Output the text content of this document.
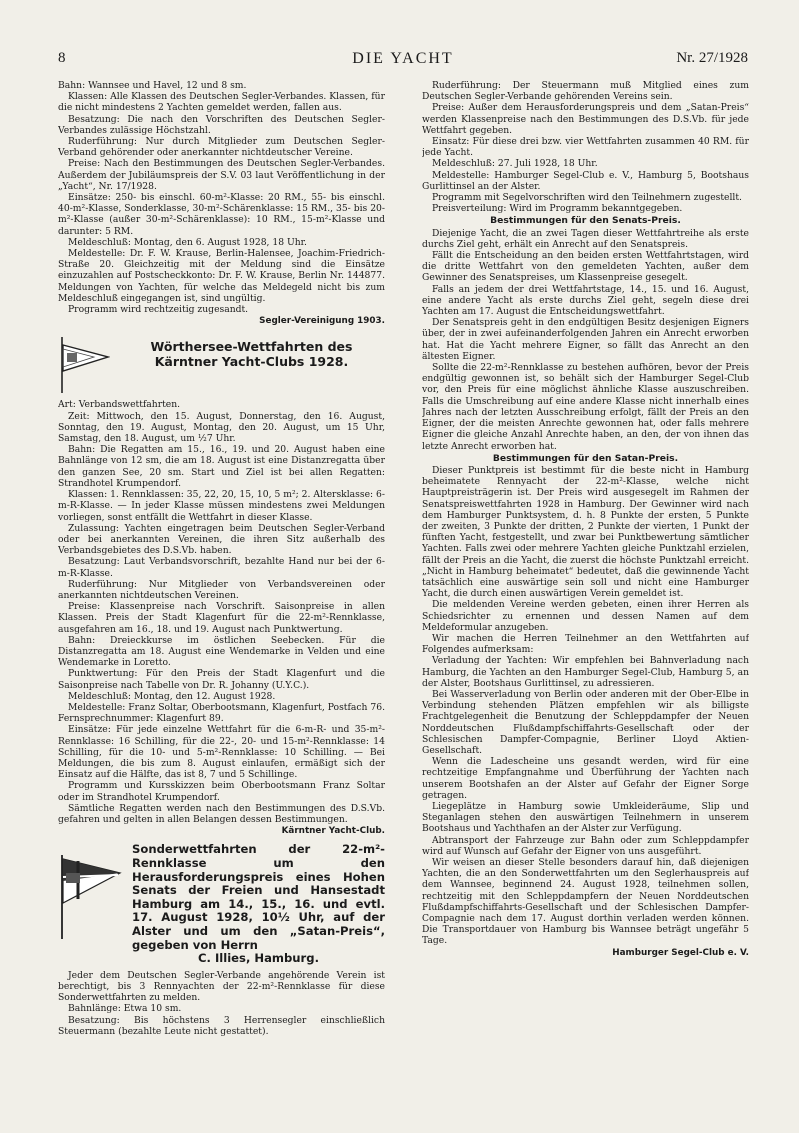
8	DIE YACHT	Nr. 27/1928

Bahn: Wannsee und Havel, 12 und 8 sm.

Klassen: Alle Klassen des Deutschen Segler-Verbandes. Klassen, für die nicht mindestens 2 Yachten gemeldet werden, fallen aus.

Besatzung: Die nach den Vorschriften des Deutschen Segler-Verbandes zulässige Höchstzahl.

Ruderführung: Nur durch Mitglieder zum Deutschen Segler-Verband gehörender oder anerkannter nichtdeutscher Vereine.

Preise: Nach den Bestimmungen des Deutschen Segler-Verbandes. Außerdem der Jubiläumspreis der S.V. 03 laut Veröffentlichung in der „Yacht“, Nr. 17/1928.

Einsätze: 250- bis einschl. 60-m²-Klasse: 20 RM., 55- bis einschl. 40-m²-Klasse, Sonderklasse, 30-m²-Schärenklasse: 15 RM., 35- bis 20-m²-Klasse (außer 30-m²-Schärenklasse): 10 RM., 15-m²-Klasse und darunter: 5 RM.

Meldeschluß: Montag, den 6. August 1928, 18 Uhr.

Meldestelle: Dr. F. W. Krause, Berlin-Halensee, Joachim-Friedrich-Straße 20. Gleichzeitig mit der Meldung sind die Einsätze einzuzahlen auf Postscheckkonto: Dr. F. W. Krause, Berlin Nr. 144877. Meldungen von Yachten, für welche das Meldegeld nicht bis zum Meldeschluß eingegangen ist, sind ungültig.

Programm wird rechtzeitig zugesandt.

Segler-Vereinigung 1903.
Wörthersee-Wettfahrten des Kärntner Yacht-Clubs 1928.

Art: Verbandswettfahrten.

Zeit: Mittwoch, den 15. August, Donnerstag, den 16. August, Sonntag, den 19. August, Montag, den 20. August, um 15 Uhr, Samstag, den 18. August, um ½7 Uhr.

Bahn: Die Regatten am 15., 16., 19. und 20. August haben eine Bahnlänge von 12 sm, die am 18. August ist eine Distanzregatta über den ganzen See, 20 sm. Start und Ziel ist bei allen Regatten: Strandhotel Krumpendorf.

Klassen: 1. Rennklassen: 35, 22, 20, 15, 10, 5 m²; 2. Altersklasse: 6-m-R-Klasse. — In jeder Klasse müssen mindestens zwei Meldungen vorliegen, sonst entfällt die Wettfahrt in dieser Klasse.

Zulassung: Yachten eingetragen beim Deutschen Segler-Verband oder bei anerkannten Vereinen, die ihren Sitz außerhalb des Verbandsgebietes des D.S.Vb. haben.

Besatzung: Laut Verbandsvorschrift, bezahlte Hand nur bei der 6-m-R-Klasse.

Ruderführung: Nur Mitglieder von Verbandsvereinen oder anerkannten nichtdeutschen Vereinen.

Preise: Klassenpreise nach Vorschrift. Saisonpreise in allen Klassen. Preis der Stadt Klagenfurt für die 22-m²-Rennklasse, ausgefahren am 16., 18. und 19. August nach Punktwertung.

Bahn: Dreieckkurse im östlichen Seebecken. Für die Distanzregatta am 18. August eine Wendemarke in Velden und eine Wendemarke in Loretto.

Punktwertung: Für den Preis der Stadt Klagenfurt und die Saisonpreise nach Tabelle von Dr. R. Johanny (U.Y.C.).

Meldeschluß: Montag, den 12. August 1928.

Meldestelle: Franz Soltar, Oberbootsmann, Klagenfurt, Postfach 76. Fernsprechnummer: Klagenfurt 89.

Einsätze: Für jede einzelne Wettfahrt für die 6-m-R- und 35-m²-Rennklasse: 16 Schilling, für die 22-, 20- und 15-m²-Rennklasse: 14 Schilling, für die 10- und 5-m²-Rennklasse: 10 Schilling. — Bei Meldungen, die bis zum 8. August einlaufen, ermäßigt sich der Einsatz auf die Hälfte, das ist 8, 7 und 5 Schillinge.

Programm und Kursskizzen beim Oberbootsmann Franz Soltar oder im Strandhotel Krumpendorf.

Sämtliche Regatten werden nach den Bestimmungen des D.S.Vb. gefahren und gelten in allen Belangen dessen Bestimmungen.

Kärntner Yacht-Club.
Sonderwettfahrten der 22-m²-Rennklasse um den Herausforderungspreis eines Hohen Senats der Freien und Hansestadt Hamburg am 14., 15., 16. und evtl. 17. August 1928, 10½ Uhr, auf der Alster und um den „Satan-Preis“, gegeben von Herrn
C. Illies, Hamburg.

Jeder dem Deutschen Segler-Verbande angehörende Verein ist berechtigt, bis 3 Rennyachten der 22-m²-Rennklasse für diese Sonderwettfahrten zu melden.

Bahnlänge: Etwa 10 sm.

Besatzung: Bis höchstens 3 Herrensegler einschließlich Steuermann (bezahlte Leute nicht gestattet).

Ruderführung: Der Steuermann muß Mitglied eines zum Deutschen Segler-Verbande gehörenden Vereins sein.

Preise: Außer dem Herausforderungspreis und dem „Satan-Preis“ werden Klassenpreise nach den Bestimmungen des D.S.Vb. für jede Wettfahrt gegeben.

Einsatz: Für diese drei bzw. vier Wettfahrten zusammen 40 RM. für jede Yacht.

Meldeschluß: 27. Juli 1928, 18 Uhr.

Meldestelle: Hamburger Segel-Club e. V., Hamburg 5, Bootshaus Gurlittinsel an der Alster.

Programm mit Segelvorschriften wird den Teilnehmern zugestellt.

Preisverteilung: Wird im Programm bekanntgegeben.

Bestimmungen für den Senats-Preis.

Diejenige Yacht, die an zwei Tagen dieser Wettfahrtreihe als erste durchs Ziel geht, erhält ein Anrecht auf den Senatspreis.

Fällt die Entscheidung an den beiden ersten Wettfahrtstagen, wird die dritte Wettfahrt von den gemeldeten Yachten, außer dem Gewinner des Senatspreises, um Klassenpreise gesegelt.

Falls an jedem der drei Wettfahrtstage, 14., 15. und 16. August, eine andere Yacht als erste durchs Ziel geht, segeln diese drei Yachten am 17. August die Entscheidungswettfahrt.

Der Senatspreis geht in den endgültigen Besitz desjenigen Eigners über, der in zwei aufeinanderfolgenden Jahren ein Anrecht erworben hat. Hat die Yacht mehrere Eigner, so fällt das Anrecht an den ältesten Eigner.

Sollte die 22-m²-Rennklasse zu bestehen aufhören, bevor der Preis endgültig gewonnen ist, so behält sich der Hamburger Segel-Club vor, den Preis für eine möglichst ähnliche Klasse auszuschreiben. Falls die Umschreibung auf eine andere Klasse nicht innerhalb eines Jahres nach der letzten Ausschreibung erfolgt, fällt der Preis an den Eigner, der die meisten Anrechte gewonnen hat, oder falls mehrere Eigner die gleiche Anzahl Anrechte haben, an den, der von ihnen das letzte Anrecht erworben hat.

Bestimmungen für den Satan-Preis.

Dieser Punktpreis ist bestimmt für die beste nicht in Hamburg beheimatete Rennyacht der 22-m²-Klasse, welche nicht Hauptpreisträgerin ist. Der Preis wird ausgesegelt im Rahmen der Senatspreiswettfahrten 1928 in Hamburg. Der Gewinner wird nach dem Hamburger Punktsystem, d. h. 8 Punkte der ersten, 5 Punkte der zweiten, 3 Punkte der dritten, 2 Punkte der vierten, 1 Punkt der fünften Yacht, festgestellt, und zwar bei Punktbewertung sämtlicher Yachten. Falls zwei oder mehrere Yachten gleiche Punktzahl erzielen, fällt der Preis an die Yacht, die zuerst die höchste Punktzahl erreicht. „Nicht in Hamburg beheimatet“ bedeutet, daß die gewinnende Yacht tatsächlich eine auswärtige sein soll und nicht eine Hamburger Yacht, die durch einen auswärtigen Verein gemeldet ist.

Die meldenden Vereine werden gebeten, einen ihrer Herren als Schiedsrichter zu ernennen und dessen Namen auf dem Meldeformular anzugeben.

Wir machen die Herren Teilnehmer an den Wettfahrten auf Folgendes aufmerksam:

Verladung der Yachten: Wir empfehlen bei Bahnverladung nach Hamburg, die Yachten an den Hamburger Segel-Club, Hamburg 5, an der Alster, Bootshaus Gurlittinsel, zu adressieren.

Bei Wasserverladung von Berlin oder anderen mit der Ober-Elbe in Verbindung stehenden Plätzen empfehlen wir als billigste Frachtgelegenheit die Benutzung der Schleppdampfer der Neuen Norddeutschen Flußdampfschiffahrts-Gesellschaft oder der Schlesischen Dampfer-Compagnie, Berliner Lloyd Aktien-Gesellschaft.

Wenn die Ladescheine uns gesandt werden, wird für eine rechtzeitige Empfangnahme und Überführung der Yachten nach unserem Bootshafen an der Alster auf Gefahr der Eigner Sorge getragen.

Liegeplätze in Hamburg sowie Umkleideräume, Slip und Steganlagen stehen den auswärtigen Teilnehmern in unserem Bootshaus und Yachthafen an der Alster zur Verfügung.

Abtransport der Fahrzeuge zur Bahn oder zum Schleppdampfer wird auf Wunsch auf Gefahr der Eigner von uns ausgeführt.

Wir weisen an dieser Stelle besonders darauf hin, daß diejenigen Yachten, die an den Sonderwettfahrten um den Seglerhauspreis auf dem Wannsee, beginnend 24. August 1928, teilnehmen sollen, rechtzeitig mit den Schleppdampfern der Neuen Norddeutschen Flußdampfschiffahrts-Gesellschaft und der Schlesischen Dampfer-Compagnie nach dem 17. August dorthin verladen werden können. Die Transportdauer von Hamburg bis Wannsee beträgt ungefähr 5 Tage.

Hamburger Segel-Club e. V.
